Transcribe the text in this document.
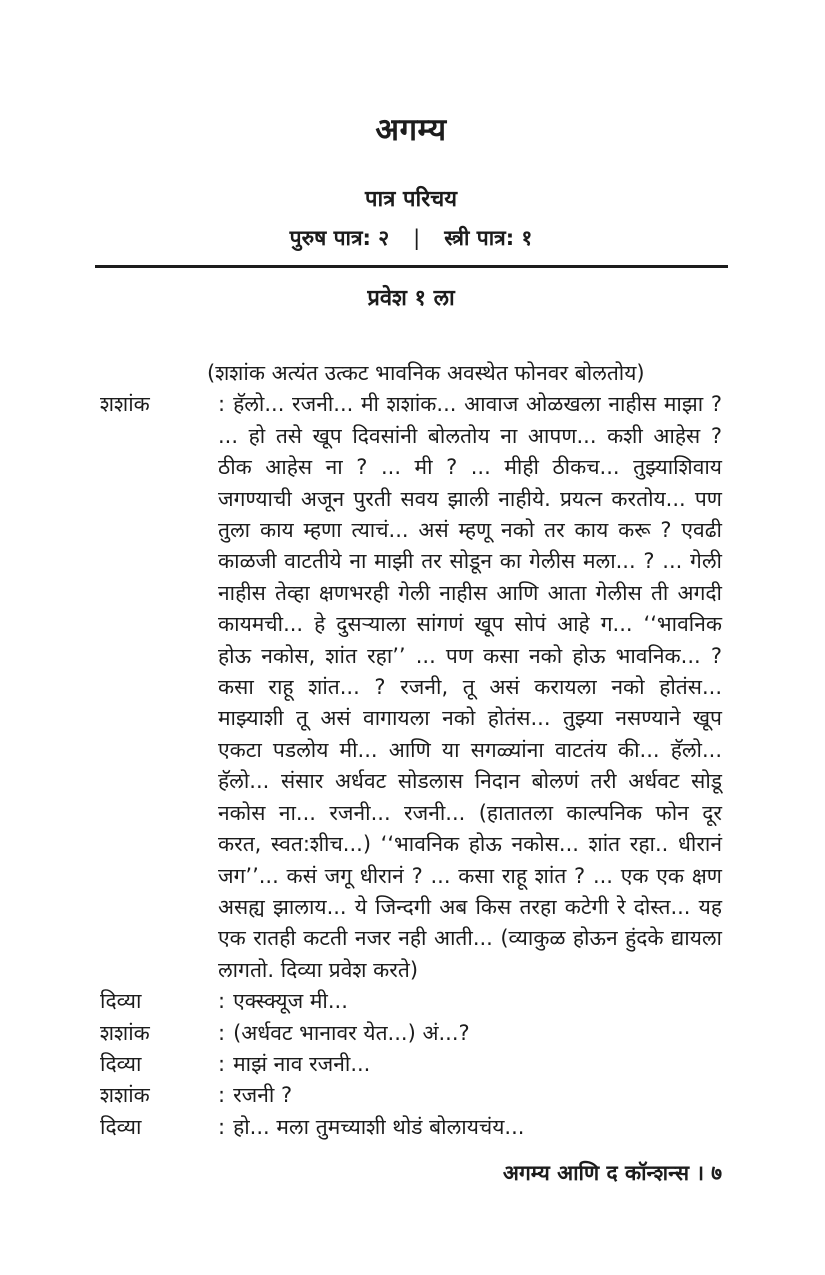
अगम्य
पात्र परिचय
पुरुष पात्र: २ | स्त्री पात्र: १
प्रवेश १ ला

(शशांक अत्यंत उत्कट भावनिक अवस्थेत फोनवर बोलतोय)

शशांक	: हॅलो... रजनी... मी शशांक... आवाज ओळखला नाहीस माझा ? ... हो तसे खूप दिवसांनी बोलतोय ना आपण... कशी आहेस ? ठीक आहेस ना ? ... मी ? ... मीही ठीकच... तुझ्याशिवाय जगण्याची अजून पुरती सवय झाली नाहीये. प्रयत्न करतोय... पण तुला काय म्हणा त्याचं... असं म्हणू नको तर काय करू ? एवढी काळजी वाटतीये ना माझी तर सोडून का गेलीस मला... ? ... गेली नाहीस तेव्हा क्षणभरही गेली नाहीस आणि आता गेलीस ती अगदी कायमची... हे दुसऱ्याला सांगणं खूप सोपं आहे ग... ‘‘भावनिक होऊ नकोस, शांत रहा’’ ... पण कसा नको होऊ भावनिक... ? कसा राहू शांत... ? रजनी, तू असं करायला नको होतंस... माझ्याशी तू असं वागायला नको होतंस... तुझ्या नसण्याने खूप एकटा पडलोय मी... आणि या सगळ्यांना वाटतंय की... हॅलो... हॅलो... संसार अर्धवट सोडलास निदान बोलणं तरी अर्धवट सोडू नकोस ना... रजनी... रजनी... (हातातला काल्पनिक फोन दूर करत, स्वत:शीच...) ‘‘भावनिक होऊ नकोस... शांत रहा.. धीरानं जग’’... कसं जगू धीरानं ? ... कसा राहू शांत ? ... एक एक क्षण असह्य झालाय... ये जिन्दगी अब किस तरहा कटेगी रे दोस्त... यह एक रातही कटती नजर नही आती... (व्याकुळ होऊन हुंदके द्यायला लागतो. दिव्या प्रवेश करते)

दिव्या	: एक्स्क्यूज मी...

शशांक	: (अर्धवट भानावर येत...) अं...?

दिव्या	: माझं नाव रजनी...

शशांक	: रजनी ?

दिव्या	: हो... मला तुमच्याशी थोडं बोलायचंय...

अगम्य आणि द कॉन्शन्स । ७
